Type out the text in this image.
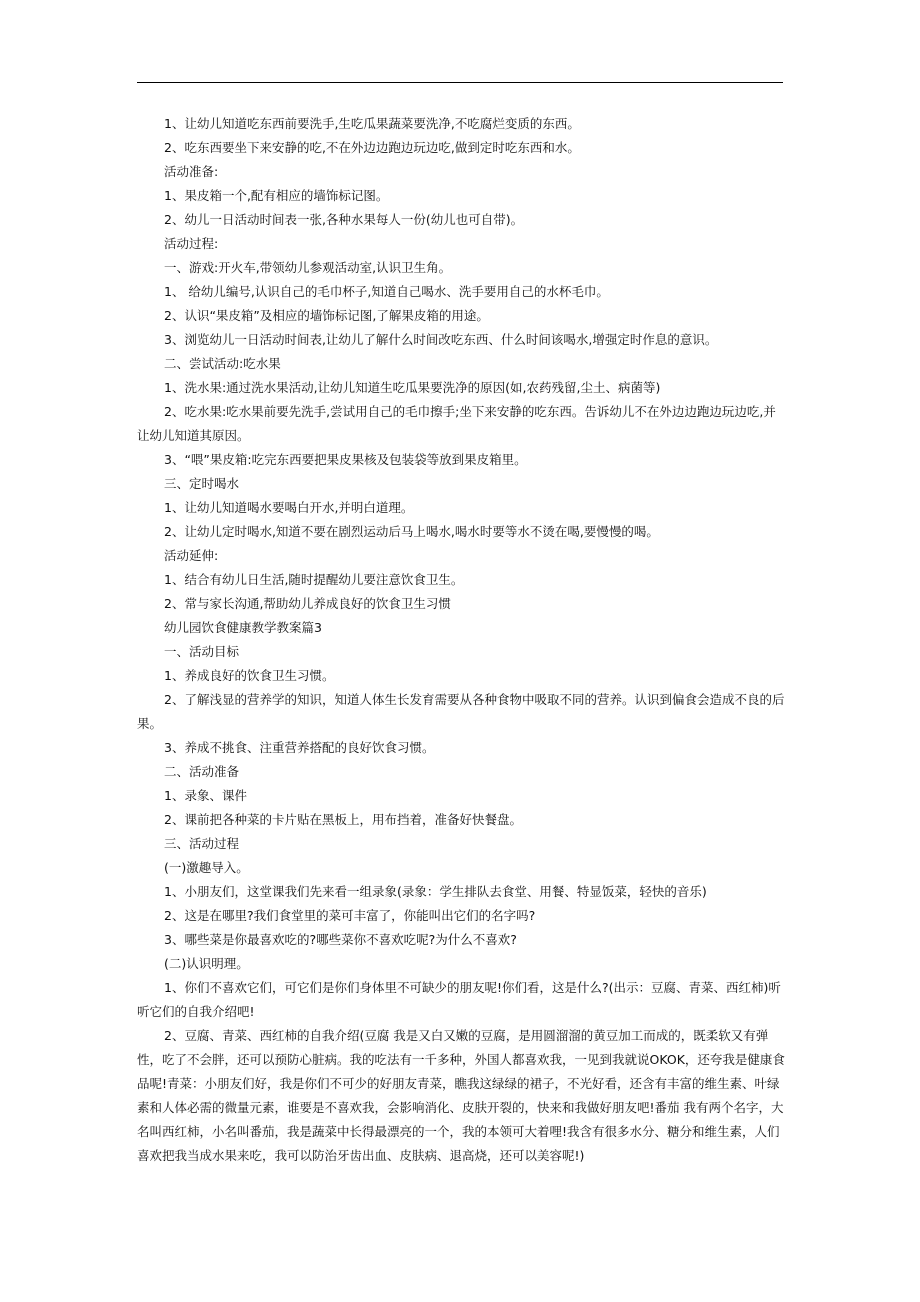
1、让幼儿知道吃东西前要洗手,生吃瓜果蔬菜要洗净,不吃腐烂变质的东西。

2、吃东西要坐下来安静的吃,不在外边边跑边玩边吃,做到定时吃东西和水。

活动准备:

1、果皮箱一个,配有相应的墙饰标记图。

2、幼儿一日活动时间表一张,各种水果每人一份(幼儿也可自带)。

活动过程:

一、游戏:开火车,带领幼儿参观活动室,认识卫生角。

1、 给幼儿编号,认识自己的毛巾杯子,知道自己喝水、洗手要用自己的水杯毛巾。

2、认识“果皮箱”及相应的墙饰标记图,了解果皮箱的用途。

3、浏览幼儿一日活动时间表,让幼儿了解什么时间改吃东西、什么时间该喝水,增强定时作息的意识。

二、尝试活动:吃水果

1、洗水果:通过洗水果活动,让幼儿知道生吃瓜果要洗净的原因(如,农药残留,尘土、病菌等)

2、吃水果:吃水果前要先洗手,尝试用自己的毛巾擦手;坐下来安静的吃东西。告诉幼儿不在外边边跑边玩边吃,并让幼儿知道其原因。

3、“喂”果皮箱:吃完东西要把果皮果核及包装袋等放到果皮箱里。

三、定时喝水

1、让幼儿知道喝水要喝白开水,并明白道理。

2、让幼儿定时喝水,知道不要在剧烈运动后马上喝水,喝水时要等水不烫在喝,要慢慢的喝。

活动延伸:

1、结合有幼儿日生活,随时提醒幼儿要注意饮食卫生。

2、常与家长沟通,帮助幼儿养成良好的饮食卫生习惯

幼儿园饮食健康教学教案篇3

一、活动目标

1、养成良好的饮食卫生习惯。

2、了解浅显的营养学的知识，知道人体生长发育需要从各种食物中吸取不同的营养。认识到偏食会造成不良的后果。

3、养成不挑食、注重营养搭配的良好饮食习惯。

二、活动准备

1、录象、课件

2、课前把各种菜的卡片贴在黑板上，用布挡着，准备好快餐盘。

三、活动过程

(一)激趣导入。

1、小朋友们，这堂课我们先来看一组录象(录象：学生排队去食堂、用餐、特显饭菜，轻快的音乐)

2、这是在哪里?我们食堂里的菜可丰富了，你能叫出它们的名字吗?

3、哪些菜是你最喜欢吃的?哪些菜你不喜欢吃呢?为什么不喜欢?

(二)认识明理。

1、你们不喜欢它们，可它们是你们身体里不可缺少的朋友呢!你们看，这是什么?(出示：豆腐、青菜、西红柿)听听它们的自我介绍吧!

2、豆腐、青菜、西红柿的自我介绍(豆腐 我是又白又嫩的豆腐，是用圆溜溜的黄豆加工而成的，既柔软又有弹性，吃了不会胖，还可以预防心脏病。我的吃法有一千多种，外国人都喜欢我，一见到我就说OKOK，还夸我是健康食品呢!青菜：小朋友们好，我是你们不可少的好朋友青菜，瞧我这绿绿的裙子，不光好看，还含有丰富的维生素、叶绿素和人体必需的微量元素，谁要是不喜欢我，会影响消化、皮肤开裂的，快来和我做好朋友吧!番茄 我有两个名字，大名叫西红柿，小名叫番茄，我是蔬菜中长得最漂亮的一个，我的本领可大着哩!我含有很多水分、糖分和维生素，人们喜欢把我当成水果来吃，我可以防治牙齿出血、皮肤病、退高烧，还可以美容呢!)
